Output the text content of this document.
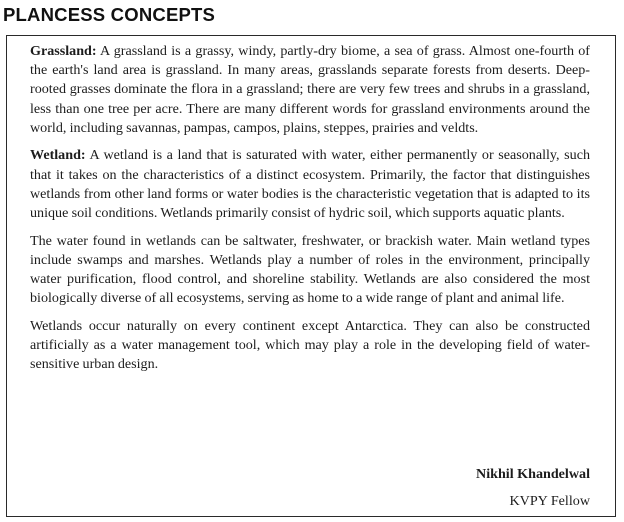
PLANCESS CONCEPTS

Grassland: A grassland is a grassy, windy, partly-dry biome, a sea of grass. Almost one-fourth of the earth's land area is grassland. In many areas, grasslands separate forests from deserts. Deep-rooted grasses dominate the flora in a grassland; there are very few trees and shrubs in a grassland, less than one tree per acre. There are many different words for grassland environments around the world, including savannas, pampas, campos, plains, steppes, prairies and veldts.

Wetland: A wetland is a land that is saturated with water, either permanently or seasonally, such that it takes on the characteristics of a distinct ecosystem. Primarily, the factor that distinguishes wetlands from other land forms or water bodies is the characteristic vegetation that is adapted to its unique soil conditions. Wetlands primarily consist of hydric soil, which supports aquatic plants.

The water found in wetlands can be saltwater, freshwater, or brackish water. Main wetland types include swamps and marshes. Wetlands play a number of roles in the environment, principally water purification, flood control, and shoreline stability. Wetlands are also considered the most biologically diverse of all ecosystems, serving as home to a wide range of plant and animal life.

Wetlands occur naturally on every continent except Antarctica. They can also be constructed artificially as a water management tool, which may play a role in the developing field of water-sensitive urban design.

Nikhil Khandelwal
KVPY Fellow
